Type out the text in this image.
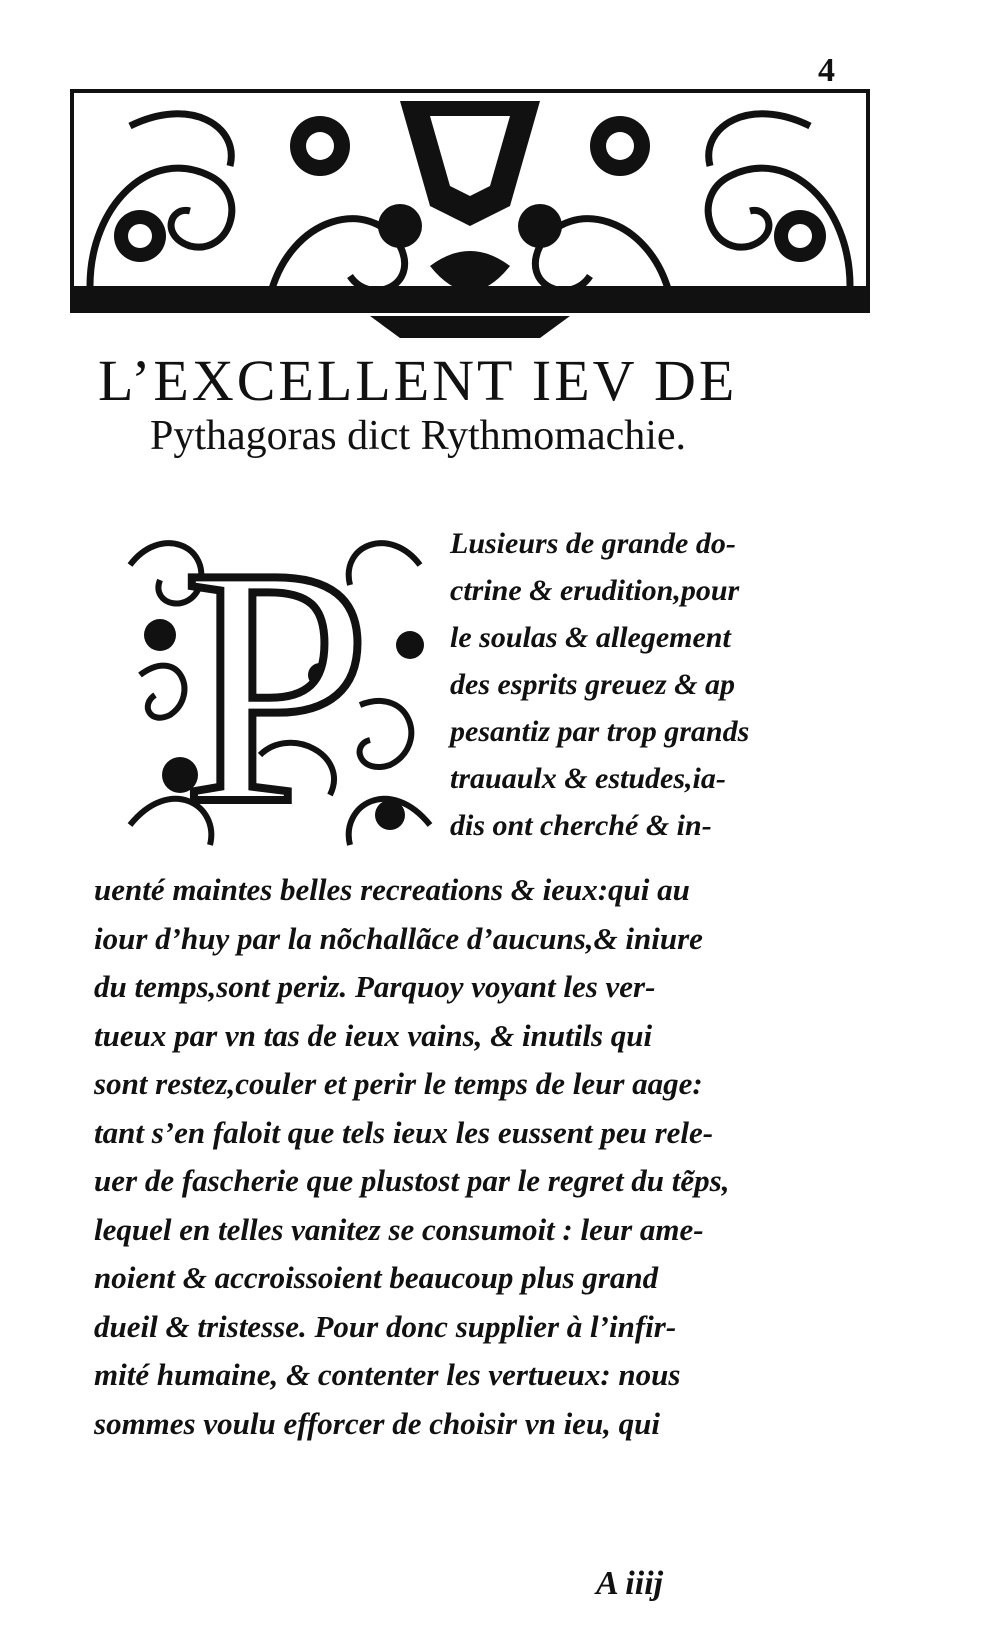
4
L’EXCELLENT IEV DE
Pythagoras dict Rythmomachie.
P	Lusieurs de grande do-
ctrine & erudition,pour
le soulas & allegement
des esprits greuez & ap
pesantiz par trop grands
trauaulx & estudes,ia-
dis ont cherché & in-
uenté maintes belles recreations & ieux:qui au
iour d’huy par la nõchallãce d’aucuns,& iniure
du temps,sont periz. Parquoy voyant les ver-
tueux par vn tas de ieux vains, & inutils qui
sont restez,couler et perir le temps de leur aage:
tant s’en faloit que tels ieux les eussent peu rele-
uer de fascherie que plustost par le regret du tẽps,
lequel en telles vanitez se consumoit : leur ame-
noient & accroissoient beaucoup plus grand
dueil & tristesse. Pour donc supplier à l’infir-
mité humaine, & contenter les vertueux: nous
sommes voulu efforcer de choisir vn ieu, qui
A iiij
